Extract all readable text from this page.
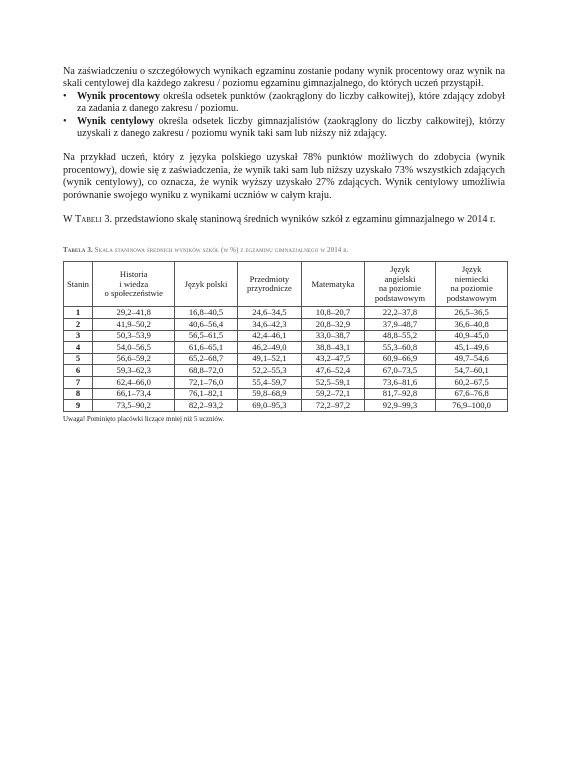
Na zaświadczeniu o szczegółowych wynikach egzaminu zostanie podany wynik procentowy oraz wynik na skali centylowej dla każdego zakresu / poziomu egzaminu gimnazjalnego, do których uczeń przystąpił.

• Wynik procentowy określa odsetek punktów (zaokrąglony do liczby całkowitej), które zdający zdobył za zadania z danego zakresu / poziomu.
• Wynik centylowy określa odsetek liczby gimnazjalistów (zaokrąglony do liczby całkowitej), którzy uzyskali z danego zakresu / poziomu wynik taki sam lub niższy niż zdający.

Na przykład uczeń, który z języka polskiego uzyskał 78% punktów możliwych do zdobycia (wynik procentowy), dowie się z zaświadczenia, że wynik taki sam lub niższy uzyskało 73% wszystkich zdających (wynik centylowy), co oznacza, że wynik wyższy uzyskało 27% zdających. Wynik centylowy umożliwia porównanie swojego wyniku z wynikami uczniów w całym kraju.

W Tabeli 3. przedstawiono skalę staninową średnich wyników szkół z egzaminu gimnazjalnego w 2014 r.

Tabela 3. Skala staninowa średnich wyników szkół (w %) z egzaminu gimnazjalnego w 2014 r.
Stanin	Historia
i wiedza
o społeczeństwie	Język polski	Przedmioty
przyrodnicze	Matematyka	Język
angielski
na poziomie
podstawowym	Język
niemiecki
na poziomie
podstawowym
1	29,2–41,8	16,8–40,5	24,6–34,5	10,8–20,7	22,2–37,8	26,5–36,5
2	41,9–50,2	40,6–56,4	34,6–42,3	20,8–32,9	37,9–48,7	36,6–40,8
3	50,3–53,9	56,5–61,5	42,4–46,1	33,0–38,7	48,8–55,2	40,9–45,0
4	54,0–56,5	61,6–65,1	46,2–49,0	38,8–43,1	55,3–60,8	45,1–49,6
5	56,6–59,2	65,2–68,7	49,1–52,1	43,2–47,5	60,9–66,9	49,7–54,6
6	59,3–62,3	68,8–72,0	52,2–55,3	47,6–52,4	67,0–73,5	54,7–60,1
7	62,4–66,0	72,1–76,0	55,4–59,7	52,5–59,1	73,6–81,6	60,2–67,5
8	66,1–73,4	76,1–82,1	59,8–68,9	59,2–72,1	81,7–92,8	67,6–76,8
9	73,5–90,2	82,2–93,2	69,0–95,3	72,2–97,2	92,9–99,3	76,9–100,0
Uwaga! Pominięto placówki liczące mniej niż 5 uczniów.
